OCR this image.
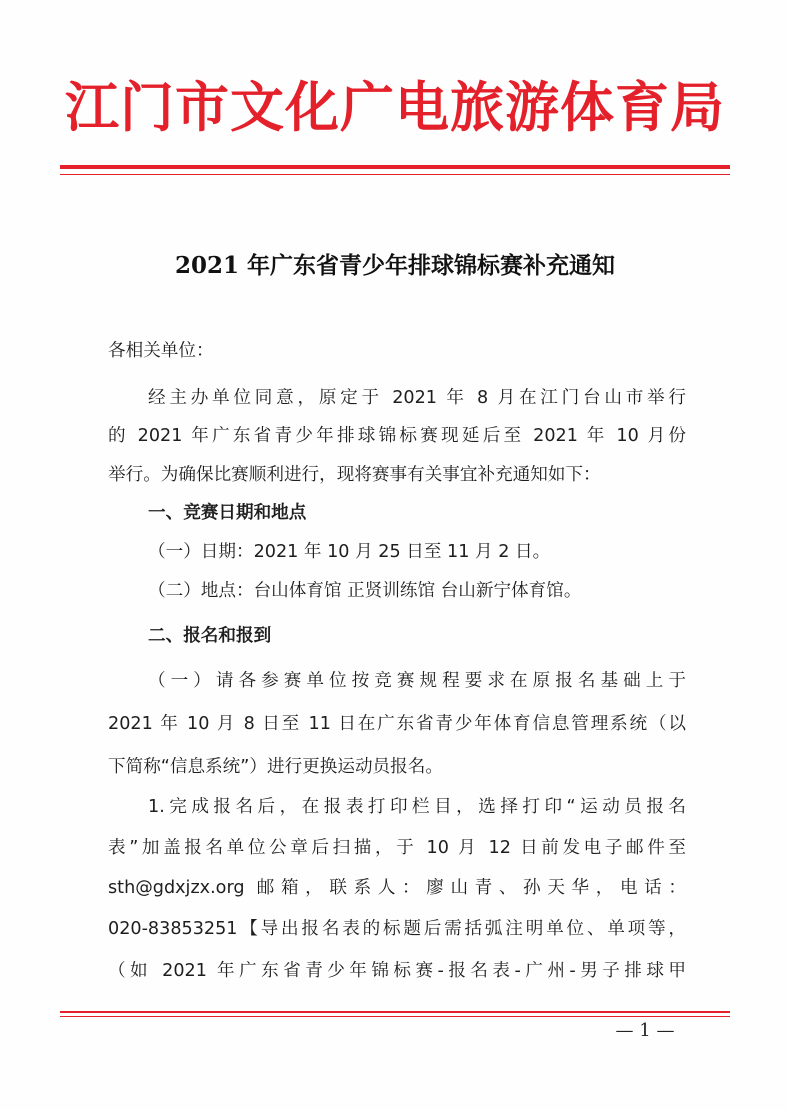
江门市文化广电旅游体育局
2021 年广东省青少年排球锦标赛补充通知
各相关单位：
经主办单位同意，原定于 2021 年 8 月在江门台山市举行
的 2021 年广东省青少年排球锦标赛现延后至 2021 年 10 月份
举行。为确保比赛顺利进行，现将赛事有关事宜补充通知如下：
一、竞赛日期和地点
（一）日期：2021 年 10 月 25 日至 11 月 2 日。
（二）地点：台山体育馆 正贤训练馆 台山新宁体育馆。
二、报名和报到
（一）请各参赛单位按竞赛规程要求在原报名基础上于
2021 年 10 月 8 日至 11 日在广东省青少年体育信息管理系统（以
下简称“信息系统”）进行更换运动员报名。
1.完成报名后，在报表打印栏目，选择打印“运动员报名
表”加盖报名单位公章后扫描，于 10 月 12 日前发电子邮件至
sth@gdxjzx.org 邮箱，联系人：廖山青、孙天华，电话：
020-83853251【导出报名表的标题后需括弧注明单位、单项等，
（如 2021 年广东省青少年锦标赛-报名表-广州-男子排球甲
— 1 —
